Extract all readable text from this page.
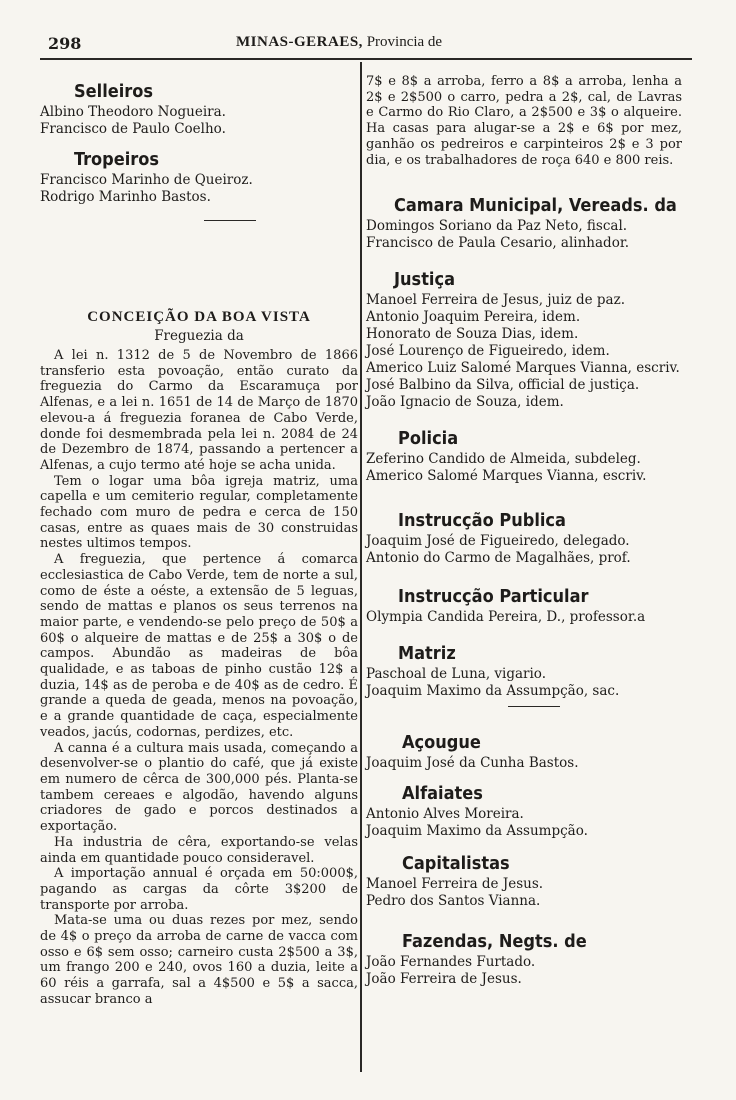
298	MINAS-GERAES, Provincia de

Selleiros

Albino Theodoro Nogueira.

Francisco de Paulo Coelho.

Tropeiros

Francisco Marinho de Queiroz.

Rodrigo Marinho Bastos.

CONCEIÇÃO DA BOA VISTA

Freguezia da

A lei n. 1312 de 5 de Novembro de 1866 transferio esta povoação, então curato da freguezia do Carmo da Escaramuça por Alfenas, e a lei n. 1651 de 14 de Março de 1870 elevou-a á freguezia foranea de Cabo Verde, donde foi desmembrada pela lei n. 2084 de 24 de Dezembro de 1874, passando a pertencer a Alfenas, a cujo termo até hoje se acha unida.

Tem o logar uma bôa igreja matriz, uma capella e um cemiterio regular, completamente fechado com muro de pedra e cerca de 150 casas, entre as quaes mais de 30 construidas nestes ultimos tempos.

A freguezia, que pertence á comarca ecclesiastica de Cabo Verde, tem de norte a sul, como de éste a oéste, a extensão de 5 leguas, sendo de mattas e planos os seus terrenos na maior parte, e vendendo-se pelo preço de 50$ a 60$ o alqueire de mattas e de 25$ a 30$ o de campos. Abundão as madeiras de bôa qualidade, e as taboas de pinho custão 12$ a duzia, 14$ as de peroba e de 40$ as de cedro. É grande a queda de geada, menos na povoação, e a grande quantidade de caça, especialmente veados, jacús, codornas, perdizes, etc.

A canna é a cultura mais usada, começando a desenvolver-se o plantio do café, que já existe em numero de cêrca de 300,000 pés. Planta-se tambem cereaes e algodão, havendo alguns criadores de gado e porcos destinados a exportação.

Ha industria de cêra, exportando-se velas ainda em quantidade pouco consideravel.

A importação annual é orçada em 50:000$, pagando as cargas da côrte 3$200 de transporte por arroba.

Mata-se uma ou duas rezes por mez, sendo de 4$ o preço da arroba de carne de vacca com osso e 6$ sem osso; carneiro custa 2$500 a 3$, um frango 200 e 240, ovos 160 a duzia, leite a 60 réis a garrafa, sal a 4$500 e 5$ a sacca, assucar branco a

7$ e 8$ a arroba, ferro a 8$ a arroba, lenha a 2$ e 2$500 o carro, pedra a 2$, cal, de Lavras e Carmo do Rio Claro, a 2$500 e 3$ o alqueire. Ha casas para alugar-se a 2$ e 6$ por mez, ganhão os pedreiros e carpinteiros 2$ e 3 por dia, e os trabalhadores de roça 640 e 800 reis.

Camara Municipal, Vereads. da

Domingos Soriano da Paz Neto, fiscal.

Francisco de Paula Cesario, alinhador.

Justiça

Manoel Ferreira de Jesus, juiz de paz.

Antonio Joaquim Pereira, idem.

Honorato de Souza Dias, idem.

José Lourenço de Figueiredo, idem.

Americo Luiz Salomé Marques Vianna, escriv.

José Balbino da Silva, official de justiça.

João Ignacio de Souza, idem.

Policia

Zeferino Candido de Almeida, subdeleg.

Americo Salomé Marques Vianna, escriv.

Instrucção Publica

Joaquim José de Figueiredo, delegado.

Antonio do Carmo de Magalhães, prof.

Instrucção Particular

Olympia Candida Pereira, D., professor.a

Matriz

Paschoal de Luna, vigario.

Joaquim Maximo da Assumpção, sac.

Açougue

Joaquim José da Cunha Bastos.

Alfaiates

Antonio Alves Moreira.

Joaquim Maximo da Assumpção.

Capitalistas

Manoel Ferreira de Jesus.

Pedro dos Santos Vianna.

Fazendas, Negts. de

João Fernandes Furtado.

João Ferreira de Jesus.
